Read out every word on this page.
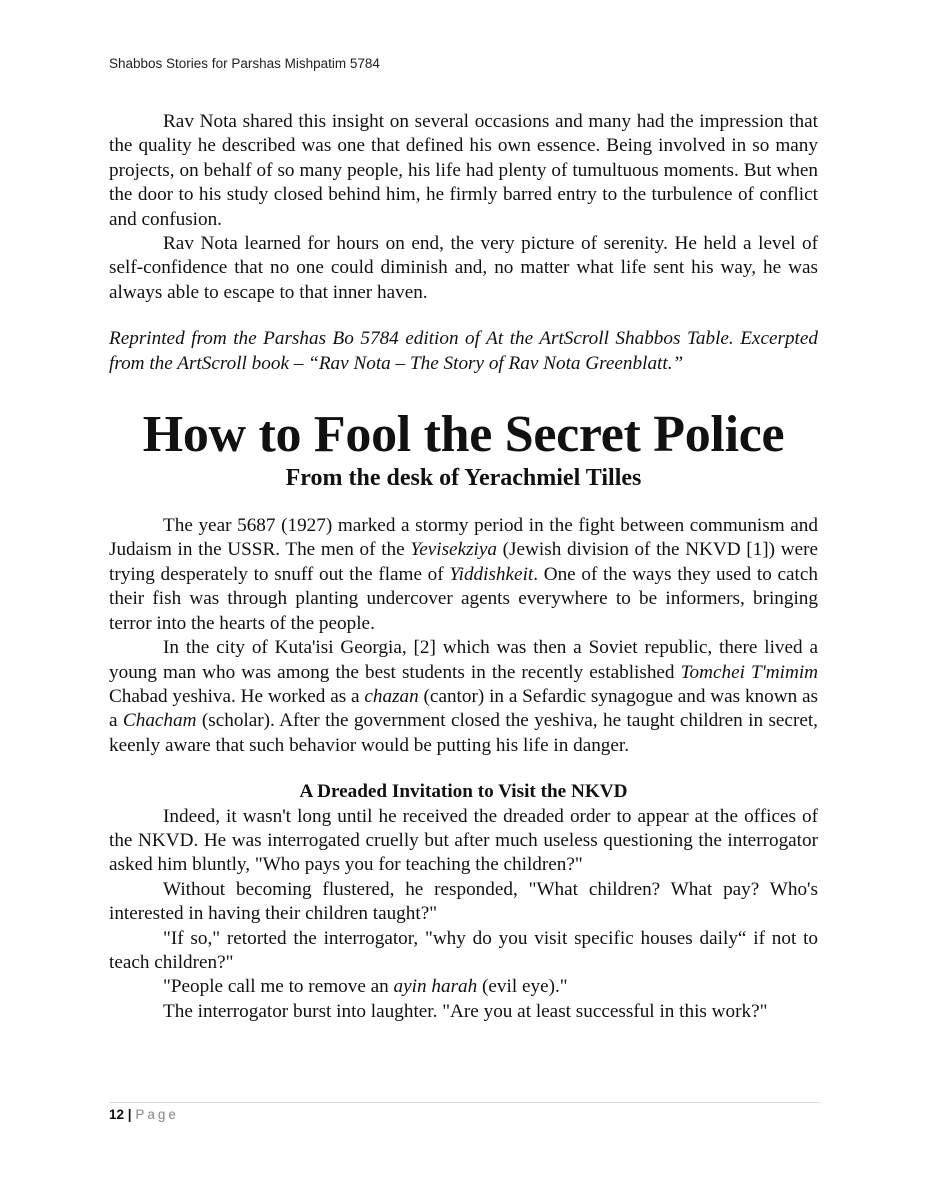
Shabbos Stories for Parshas Mishpatim 5784

Rav Nota shared this insight on several occasions and many had the impression that the quality he described was one that defined his own essence. Being involved in so many projects, on behalf of so many people, his life had plenty of tumultuous moments. But when the door to his study closed behind him, he firmly barred entry to the turbulence of conflict and confusion.

Rav Nota learned for hours on end, the very picture of serenity. He held a level of self-confidence that no one could diminish and, no matter what life sent his way, he was always able to escape to that inner haven.

Reprinted from the Parshas Bo 5784 edition of At the ArtScroll Shabbos Table. Excerpted from the ArtScroll book – “Rav Nota – The Story of Rav Nota Greenblatt.”
How to Fool the Secret Police
From the desk of Yerachmiel Tilles

The year 5687 (1927) marked a stormy period in the fight between communism and Judaism in the USSR. The men of the Yevisekziya (Jewish division of the NKVD [1]) were trying desperately to snuff out the flame of Yiddishkeit. One of the ways they used to catch their fish was through planting undercover agents everywhere to be informers, bringing terror into the hearts of the people.

In the city of Kuta'isi Georgia, [2] which was then a Soviet republic, there lived a young man who was among the best students in the recently established Tomchei T'mimim Chabad yeshiva. He worked as a chazan (cantor) in a Sefardic synagogue and was known as a Chacham (scholar). After the government closed the yeshiva, he taught children in secret, keenly aware that such behavior would be putting his life in danger.

A Dreaded Invitation to Visit the NKVD

Indeed, it wasn't long until he received the dreaded order to appear at the offices of the NKVD. He was interrogated cruelly but after much useless questioning the interrogator asked him bluntly, "Who pays you for teaching the children?"

Without becoming flustered, he responded, "What children? What pay? Who's interested in having their children taught?"

"If so," retorted the interrogator, "why do you visit specific houses daily“ if not to teach children?"

"People call me to remove an ayin harah (evil eye)."

The interrogator burst into laughter. "Are you at least successful in this work?"

12 | Page
